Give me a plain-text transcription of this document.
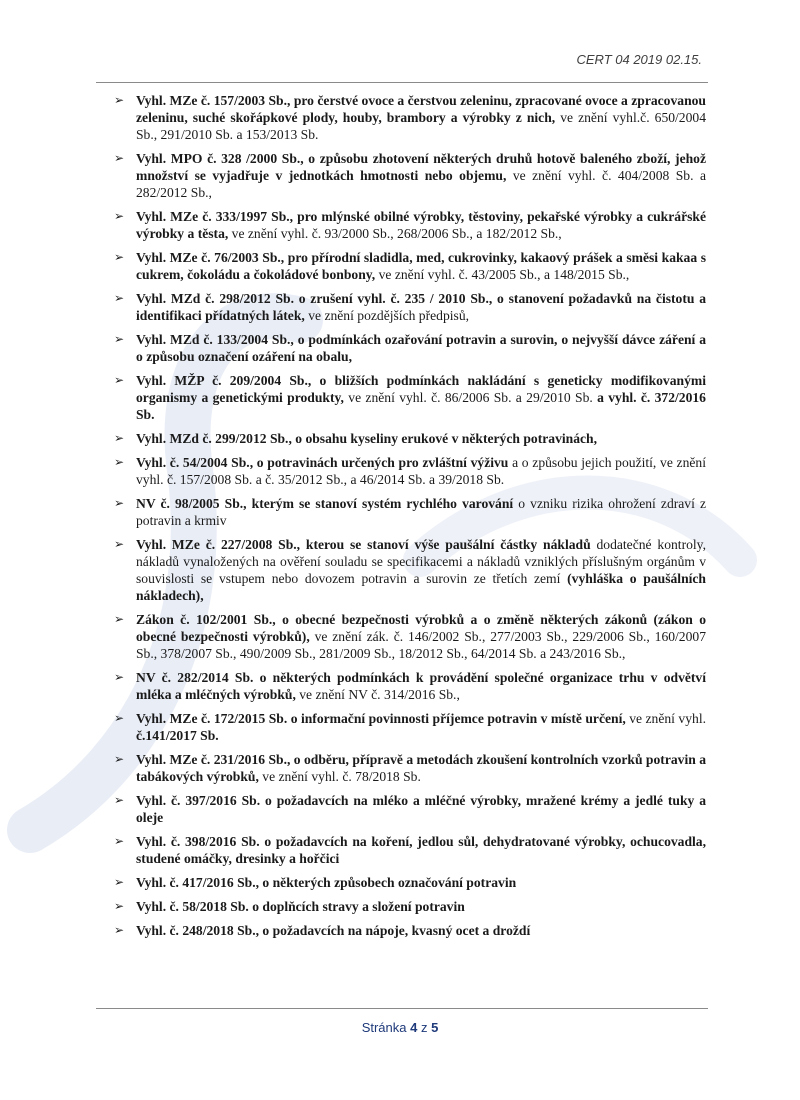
CERT 04 2019 02.15.
➢ Vyhl. MZe č. 157/2003 Sb., pro čerstvé ovoce a čerstvou zeleninu, zpracované ovoce a zpracovanou zeleninu, suché skořápkové plody, houby, brambory a výrobky z nich, ve znění vyhl.č. 650/2004 Sb., 291/2010 Sb. a 153/2013 Sb.
➢ Vyhl. MPO č. 328 /2000 Sb., o způsobu zhotovení některých druhů hotově baleného zboží, jehož množství se vyjadřuje v jednotkách hmotnosti nebo objemu, ve znění vyhl. č. 404/2008 Sb. a 282/2012 Sb.,
➢ Vyhl. MZe č. 333/1997 Sb., pro mlýnské obilné výrobky, těstoviny, pekařské výrobky a cukrářské výrobky a těsta, ve znění vyhl. č. 93/2000 Sb., 268/2006 Sb., a 182/2012 Sb.,
➢ Vyhl. MZe č. 76/2003 Sb., pro přírodní sladidla, med, cukrovinky, kakaový prášek a směsi kakaa s cukrem, čokoládu a čokoládové bonbony, ve znění vyhl. č. 43/2005 Sb., a 148/2015 Sb.,
➢ Vyhl. MZd č. 298/2012 Sb. o zrušení vyhl. č. 235 / 2010 Sb., o stanovení požadavků na čistotu a identifikaci přídatných látek, ve znění pozdějších předpisů,
➢ Vyhl. MZd č. 133/2004 Sb., o podmínkách ozařování potravin a surovin, o nejvyšší dávce záření a o způsobu označení ozáření na obalu,
➢ Vyhl. MŽP č. 209/2004 Sb., o bližších podmínkách nakládání s geneticky modifikovanými organismy a genetickými produkty, ve znění vyhl. č. 86/2006 Sb. a 29/2010 Sb. a vyhl. č. 372/2016 Sb.
➢ Vyhl. MZd č. 299/2012 Sb., o obsahu kyseliny erukové v některých potravinách,
➢ Vyhl. č. 54/2004 Sb., o potravinách určených pro zvláštní výživu a o způsobu jejich použití, ve znění vyhl. č. 157/2008 Sb. a č. 35/2012 Sb., a 46/2014 Sb. a 39/2018 Sb.
➢ NV č. 98/2005 Sb., kterým se stanoví systém rychlého varování o vzniku rizika ohrožení zdraví z potravin a krmiv
➢ Vyhl. MZe č. 227/2008 Sb., kterou se stanoví výše paušální částky nákladů dodatečné kontroly, nákladů vynaložených na ověření souladu se specifikacemi a nákladů vzniklých příslušným orgánům v souvislosti se vstupem nebo dovozem potravin a surovin ze třetích zemí (vyhláška o paušálních nákladech),
➢ Zákon č. 102/2001 Sb., o obecné bezpečnosti výrobků a o změně některých zákonů (zákon o obecné bezpečnosti výrobků), ve znění zák. č. 146/2002 Sb., 277/2003 Sb., 229/2006 Sb., 160/2007 Sb., 378/2007 Sb., 490/2009 Sb., 281/2009 Sb., 18/2012 Sb., 64/2014 Sb. a 243/2016 Sb.,
➢ NV č. 282/2014 Sb. o některých podmínkách k provádění společné organizace trhu v odvětví mléka a mléčných výrobků, ve znění NV č. 314/2016 Sb.,
➢ Vyhl. MZe č. 172/2015 Sb. o informační povinnosti příjemce potravin v místě určení, ve znění vyhl. č.141/2017 Sb.
➢ Vyhl. MZe č. 231/2016 Sb., o odběru, přípravě a metodách zkoušení kontrolních vzorků potravin a tabákových výrobků, ve znění vyhl. č. 78/2018 Sb.
➢ Vyhl. č. 397/2016 Sb. o požadavcích na mléko a mléčné výrobky, mražené krémy a jedlé tuky a oleje
➢ Vyhl. č. 398/2016 Sb. o požadavcích na koření, jedlou sůl, dehydratované výrobky, ochucovadla, studené omáčky, dresinky a hořčici
➢ Vyhl. č. 417/2016 Sb., o některých způsobech označování potravin
➢ Vyhl. č. 58/2018 Sb. o doplňcích stravy a složení potravin
➢ Vyhl. č. 248/2018 Sb., o požadavcích na nápoje, kvasný ocet a droždí
Stránka 4 z 5
